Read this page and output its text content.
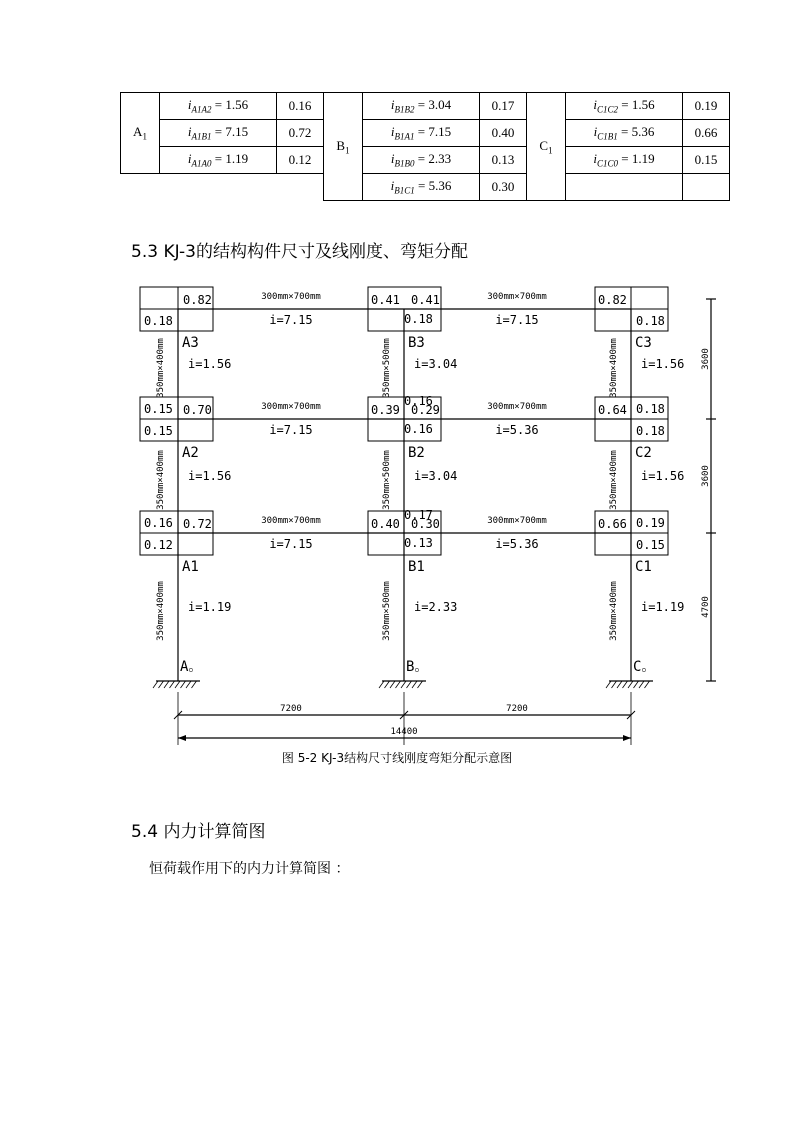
$A_1$	$i_{A1A2} = 1.56$	0.16	$B_1$	$i_{B1B2} = 3.04$	0.17	$C_1$	$i_{C1C2} = 1.56$	0.19
	$i_{A1B1} = 7.15$	0.72		$i_{B1A1} = 7.15$	0.40		$i_{C1B1} = 5.36$	0.66
	$i_{A1A0} = 1.19$	0.12		$i_{B1B0} = 2.33$	0.13		$i_{C1C0} = 1.19$	0.15
				$i_{B1C1} = 5.36$	0.30			
5.3 KJ-3的结构构件尺寸及线刚度、弯矩分配
0.82
0.18
0.41 0.41
0.18
0.82
0.18
300mm×700mm
i=7.15
300mm×700mm
i=7.15
0.15 0.70
0.15
0.16
0.39 0.29
0.16
0.64 0.18
0.18
300mm×700mm
i=7.15
300mm×700mm
i=5.36
0.16 0.72
0.12
0.17
0.40 0.30
0.13
0.66 0.19
0.15
300mm×700mm
i=7.15
300mm×700mm
i=5.36
A3
i=1.56
350mm×400mm	B3
i=3.04
350mm×500mm	C3
i=1.56
350mm×400mm
A2
i=1.56
350mm×400mm	B2
i=3.04
350mm×500mm	C2
i=1.56
350mm×400mm
A1
i=1.19
350mm×400mm
B1
i=2.33
350mm×500mm
C1
i=1.19
350mm×400mm
A。	B。	C。
3600
3600
4700
7200	7200
14400
图 5-2 KJ-3结构尺寸线刚度弯矩分配示意图
5.4 内力计算简图
恒荷载作用下的内力计算简图 ：
